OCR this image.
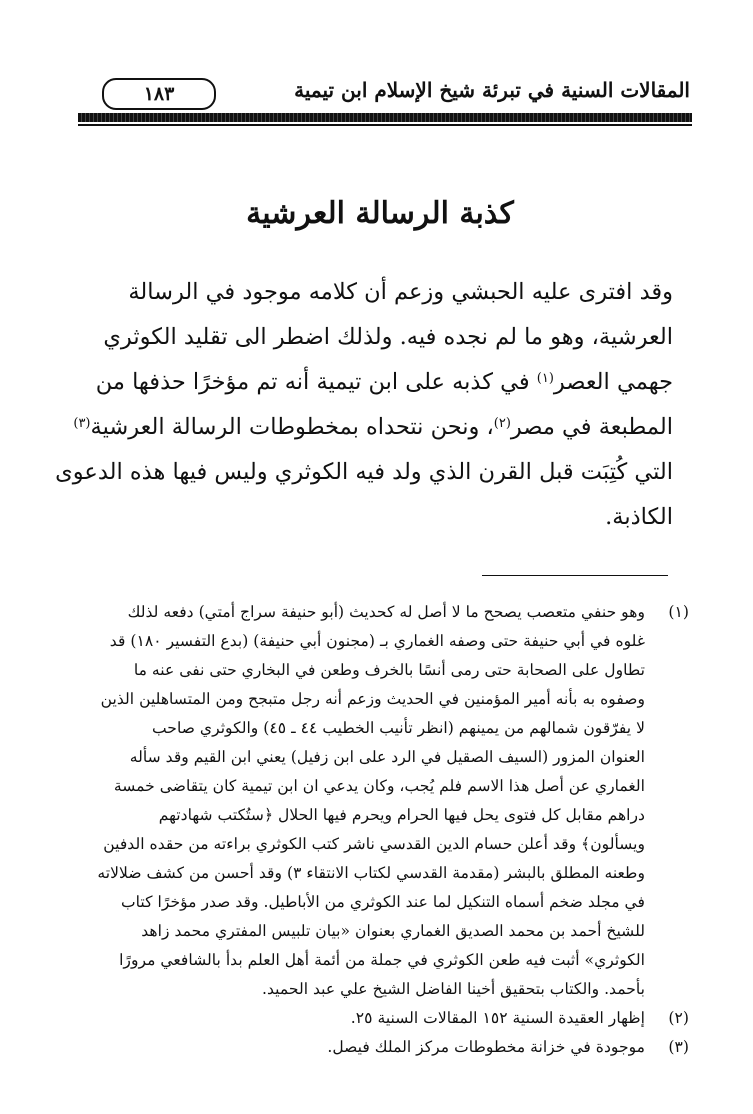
المقالات السنية في تبرئة شيخ الإسلام ابن تيمية
١٨٣
كذبة الرسالة العرشية
وقد افترى عليه الحبشي وزعم أن كلامه موجود في الرسالة
العرشية، وهو ما لم نجده فيه. ولذلك اضطر الى تقليد الكوثري
جهمي العصر$^{(١)}$ في كذبه على ابن تيمية أنه تم مؤخرًا حذفها من
المطبعة في مصر$^{(٢)}$، ونحن نتحداه بمخطوطات الرسالة العرشية$^{(٣)}$
التي كُتِبَت قبل القرن الذي ولد فيه الكوثري وليس فيها هذه الدعوى
الكاذبة.
(١)
وهو حنفي متعصب يصحح ما لا أصل له كحديث (أبو حنيفة سراج أمتي) دفعه لذلك
غلوه في أبي حنيفة حتى وصفه الغماري بـ (مجنون أبي حنيفة) (بدع التفسير ١٨٠) قد
تطاول على الصحابة حتى رمى أنسًا بالخرف وطعن في البخاري حتى نفى عنه ما
وصفوه به بأنه أمير المؤمنين في الحديث وزعم أنه رجل متبجح ومن المتساهلين الذين
لا يفرّقون شمالهم من يمينهم (انظر تأنيب الخطيب ٤٤ ـ ٤٥) والكوثري صاحب
العنوان المزور (السيف الصقيل في الرد على ابن زفيل) يعني ابن القيم وقد سأله
الغماري عن أصل هذا الاسم فلم يُجب، وكان يدعي ان ابن تيمية كان يتقاضى خمسة
دراهم مقابل كل فتوى يحل فيها الحرام ويحرم فيها الحلال ﴿ستُكتب شهادتهم
ويسألون﴾ وقد أعلن حسام الدين القدسي ناشر كتب الكوثري براءته من حقده الدفين
وطعنه المطلق بالبشر (مقدمة القدسي لكتاب الانتقاء ٣) وقد أحسن من كشف ضلالاته
في مجلد ضخم أسماه التنكيل لما عند الكوثري من الأباطيل. وقد صدر مؤخرًا كتاب
للشيخ أحمد بن محمد الصديق الغماري بعنوان «بيان تلبيس المفتري محمد زاهد
الكوثري» أثبت فيه طعن الكوثري في جملة من أئمة أهل العلم بدأ بالشافعي مرورًا
بأحمد. والكتاب بتحقيق أخينا الفاضل الشيخ علي عبد الحميد.
(٢)
إظهار العقيدة السنية ١٥٢ المقالات السنية ٢٥.
(٣)
موجودة في خزانة مخطوطات مركز الملك فيصل.
